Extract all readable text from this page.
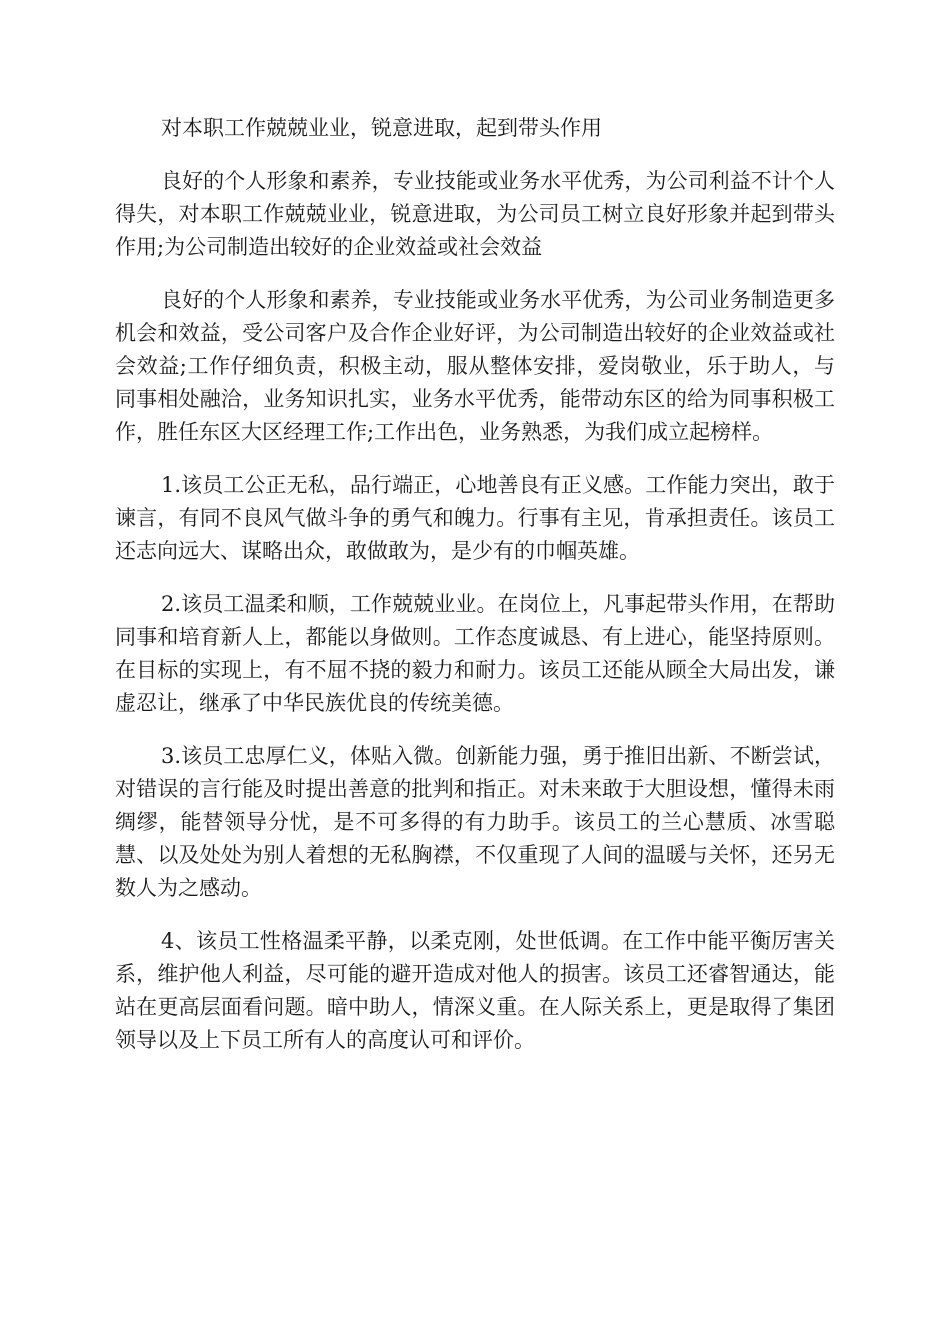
对本职工作兢兢业业，锐意进取，起到带头作用

良好的个人形象和素养，专业技能或业务水平优秀，为公司利益不计个人得失，对本职工作兢兢业业，锐意进取，为公司员工树立良好形象并起到带头作用;为公司制造出较好的企业效益或社会效益

良好的个人形象和素养，专业技能或业务水平优秀，为公司业务制造更多机会和效益，受公司客户及合作企业好评，为公司制造出较好的企业效益或社会效益;工作仔细负责，积极主动，服从整体安排，爱岗敬业，乐于助人，与同事相处融洽，业务知识扎实，业务水平优秀，能带动东区的给为同事积极工作，胜任东区大区经理工作;工作出色，业务熟悉，为我们成立起榜样。

1.该员工公正无私，品行端正，心地善良有正义感。工作能力突出，敢于谏言，有同不良风气做斗争的勇气和魄力。行事有主见，肯承担责任。该员工还志向远大、谋略出众，敢做敢为，是少有的巾帼英雄。

2.该员工温柔和顺，工作兢兢业业。在岗位上，凡事起带头作用，在帮助同事和培育新人上，都能以身做则。工作态度诚恳、有上进心，能坚持原则。在目标的实现上，有不屈不挠的毅力和耐力。该员工还能从顾全大局出发，谦虚忍让，继承了中华民族优良的传统美德。

3.该员工忠厚仁义，体贴入微。创新能力强，勇于推旧出新、不断尝试，对错误的言行能及时提出善意的批判和指正。对未来敢于大胆设想，懂得未雨绸缪，能替领导分忧，是不可多得的有力助手。该员工的兰心慧质、冰雪聪慧、以及处处为别人着想的无私胸襟，不仅重现了人间的温暖与关怀，还另无数人为之感动。

4、该员工性格温柔平静，以柔克刚，处世低调。在工作中能平衡厉害关系，维护他人利益，尽可能的避开造成对他人的损害。该员工还睿智通达，能站在更高层面看问题。暗中助人，情深义重。在人际关系上，更是取得了集团领导以及上下员工所有人的高度认可和评价。
